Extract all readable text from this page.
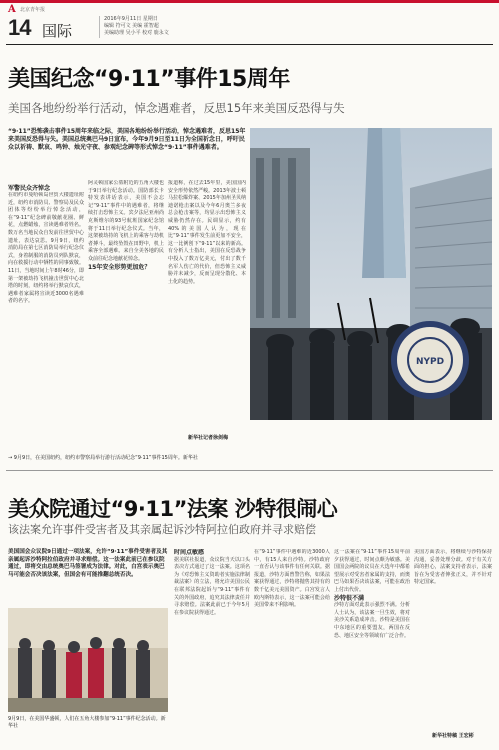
A 北京青年报
14 国际
2016年9月11日 星期日
编辑 符可文 美编 霍智超
美编助理 吴小平 校对 鹿永文
美国纪念“9·11”事件15周年
美国各地纷纷举行活动，悼念遇难者，反思15年来美国反恐得与失
“9·11”恐怖袭击事件15周年来临之际，美国各地纷纷举行活动，悼念遇难者，反思15年来美国反恐得与失。美国总统奥巴马9日宣布，今年9月9日至11日为全国祈念日，呼吁民众以祈祷、默哀、鸣钟、烛光守夜、参观纪念碑等形式悼念“9·11”事件遇难者。
军警民众齐悼念

在纽约市曼哈顿岛世贸大楼遗址附近，纽约市消防员、警察局及民众团体等纷纷举行悼念活动，在“9·11”纪念碑前敬献花圈、鲜花，点燃蜡烛，宣读遇难者姓名。数万名当地民众自发前往世贸中心遗址，表达哀思。9月9日，纽约消防局在第七区消防局举行纪念仪式，身着制服的消防员列队默哀，向在救援行动中牺牲的同事致敬。11日，当地时间上午8时46分，即第一架被劫持飞机撞击世贸中心北塔的时刻，纽约将举行默哀仪式，遇难者家属将宣读近3000名遇难者的名字。

阿灵顿国家公墓附近的五角大楼也于9日举行纪念活动。国防部长卡特发表讲话表示，美国不会忘记“9·11”事件中的遇难者，将继续打击恐怖主义。宾夕法尼亚州尚克斯维尔的93号航班国家纪念馆将于11日举行纪念仪式。当年，这架被劫持的飞机上的乘客与劫机者搏斗，最终坠毁在田野中，机上乘客全部遇难。来自全美各地的民众前往纪念地献花悼念。

15年安全形势更加危？

报道称，在过去15年里，美国国内安全形势依然严峻。2013年波士顿马拉松爆炸案、2015年加州圣贝纳迪诺枪击案以及今年6月奥兰多夜总会枪击案等，均显示出恐怖主义威胁仍然存在。民调显示，约有40%的美国人认为，现在比“9·11”事件发生前更加不安全，这一比例创下“9·11”以来的新高。有分析人士指出，美国在反恐战争中投入了数万亿美元，付出了数千名军人伤亡的代价，但恐怖主义威胁并未减少，反而呈现分散化、本土化的趋势。

新华社记者徐剑梅
NYPD
→ 9月9日，在美国纽约，纽约市警察局举行游行活动纪念“9·11”事件15周年。新华社
美众院通过“9·11”法案 沙特很闹心
该法案允许事件受害者及其亲属起诉沙特阿拉伯政府并寻求赔偿
美国国会众议院9日通过一项法案，允许“9·11”事件受害者及其亲属起诉沙特阿拉伯政府并寻求赔偿。这一法案此前已在参议院通过，即将交由总统奥巴马签署成为法律。对此，白宫表示奥巴马可能会否决该法案，但国会有可能推翻总统否决。
9月9日，在美国华盛顿，人们在五角大楼参加“9·11”事件纪念活动。新华社

时间点敏感

据美联社报道，众议院当天以口头表决方式通过了这一法案。这项名为《对恐怖主义资助者实施法律制裁法案》的立法，将允许美国公民在联邦法院起诉与“9·11”事件有关的外国政府，追究其法律责任并寻求赔偿。法案此前已于今年5月在参议院获得通过。

在“9·11”事件中遇难的近3000人中，有15人来自沙特。沙特政府一直否认与该事件有任何关联。据报道，沙特方面曾警告称，如果法案获得通过，沙特将抛售其持有的数千亿美元美国资产。白宫发言人欧内斯特表示，这一法案可能会给美国带来不利影响。

这一法案在“9·11”事件15周年前夕获得通过，时间点颇为敏感。美国国会两院的议员在大选年中都希望展示对受害者家属的支持，而奥巴马如果否决该法案，可能在政治上付出代价。

沙特很不满

沙特方面对此表示强烈不满。分析人士认为，该法案一旦生效，将对美沙关系造成冲击。沙特是美国在中东地区的重要盟友，两国在反恐、地区安全等领域有广泛合作。

美国方面表示，将继续与沙特保持沟通，妥善处理分歧。对于有关方面的担心，法案支持者表示，法案旨在为受害者伸张正义，并不针对特定国家。

新华社特稿 王宏彬
